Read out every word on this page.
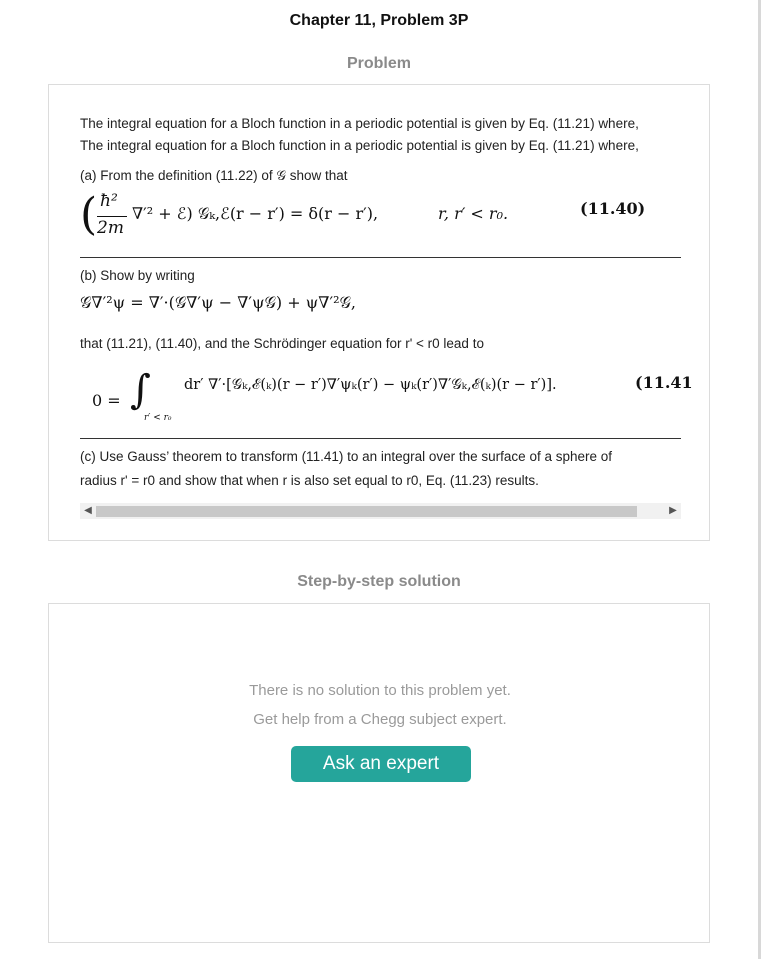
Chapter 11, Problem 3P
Problem

The integral equation for a Bloch function in a periodic potential is given by Eq. (11.21) where,

The integral equation for a Bloch function in a periodic potential is given by Eq. (11.21) where,

(a) From the definition (11.22) of 𝒢 show that

( ħ²
2m
∇′² + ℰ) 𝒢ₖ,ℰ(r − r′) = δ(r − r′),	r, r′ < r₀.	(11.40)

(b) Show by writing

𝒢∇′²ψ = ∇′·(𝒢∇′ψ − ∇′ψ𝒢) + ψ∇′²𝒢,

that (11.21), (11.40), and the Schrödinger equation for r' < r0 lead to

0 = ∫
r′ < r₀
dr′ ∇′·[𝒢ₖ,ℰ(ₖ)(r − r′)∇′ψₖ(r′) − ψₖ(r′)∇′𝒢ₖ,ℰ(ₖ)(r − r′)].	(11.41

(c) Use Gauss’ theorem to transform (11.41) to an integral over the surface of a sphere of

radius r' = r0 and show that when r is also set equal to r0, Eq. (11.23) results.

◀	▶
Step-by-step solution
There is no solution to this problem yet.
Get help from a Chegg subject expert.
Ask an expert
